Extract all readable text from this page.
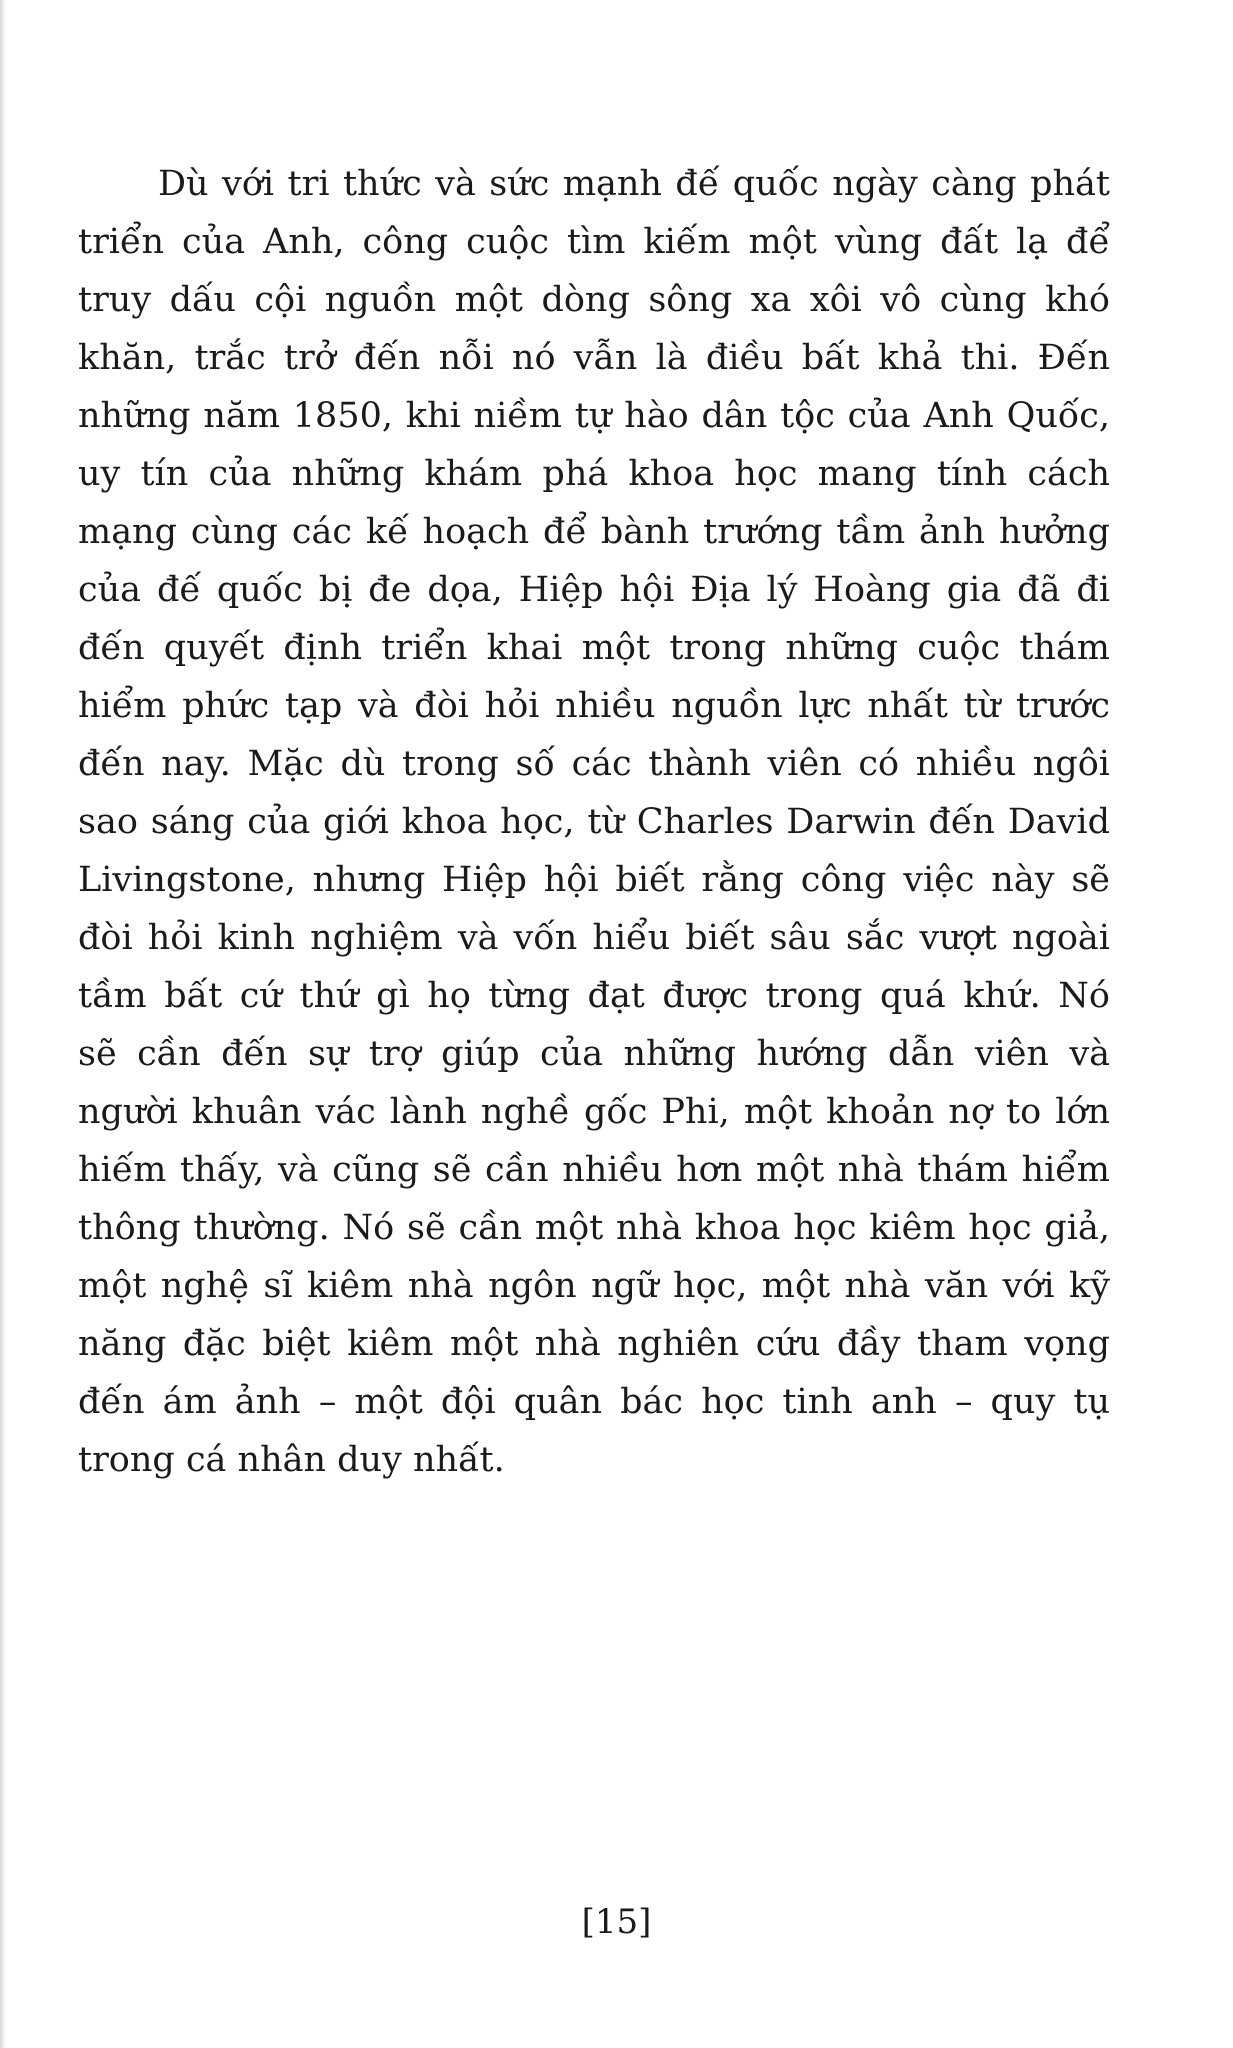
Dù với tri thức và sức mạnh đế quốc ngày càng phát
triển của Anh, công cuộc tìm kiếm một vùng đất lạ để
truy dấu cội nguồn một dòng sông xa xôi vô cùng khó
khăn, trắc trở đến nỗi nó vẫn là điều bất khả thi. Đến
những năm 1850, khi niềm tự hào dân tộc của Anh Quốc,
uy tín của những khám phá khoa học mang tính cách
mạng cùng các kế hoạch để bành trướng tầm ảnh hưởng
của đế quốc bị đe dọa, Hiệp hội Địa lý Hoàng gia đã đi
đến quyết định triển khai một trong những cuộc thám
hiểm phức tạp và đòi hỏi nhiều nguồn lực nhất từ trước
đến nay. Mặc dù trong số các thành viên có nhiều ngôi
sao sáng của giới khoa học, từ Charles Darwin đến David
Livingstone, nhưng Hiệp hội biết rằng công việc này sẽ
đòi hỏi kinh nghiệm và vốn hiểu biết sâu sắc vượt ngoài
tầm bất cứ thứ gì họ từng đạt được trong quá khứ. Nó
sẽ cần đến sự trợ giúp của những hướng dẫn viên và
người khuân vác lành nghề gốc Phi, một khoản nợ to lớn
hiếm thấy, và cũng sẽ cần nhiều hơn một nhà thám hiểm
thông thường. Nó sẽ cần một nhà khoa học kiêm học giả,
một nghệ sĩ kiêm nhà ngôn ngữ học, một nhà văn với kỹ
năng đặc biệt kiêm một nhà nghiên cứu đầy tham vọng
đến ám ảnh – một đội quân bác học tinh anh – quy tụ
trong cá nhân duy nhất.
[15]
